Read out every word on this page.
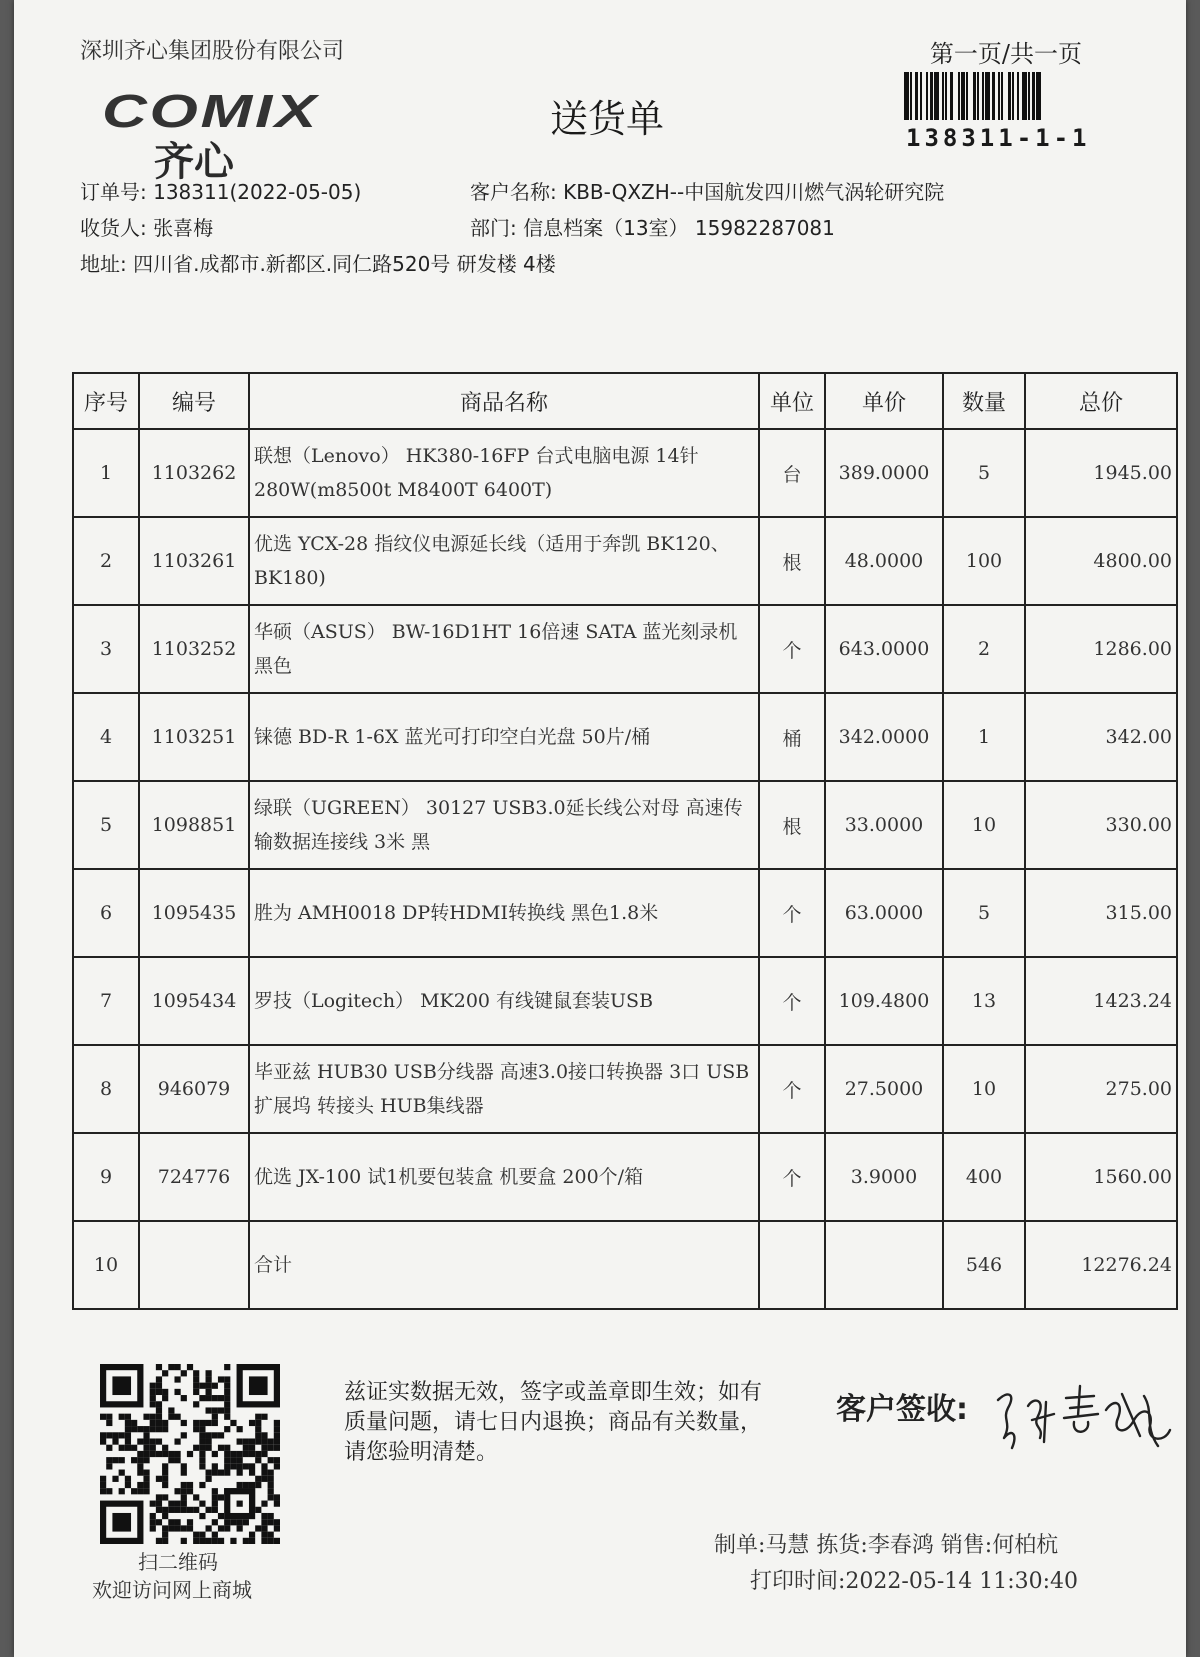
深圳齐心集团股份有限公司	第一页/共一页
COMIX
齐心
送货单	138311-1-1
订单号: 138311(2022-05-05)	客户名称: KBB-QXZH--中国航发四川燃气涡轮研究院
收货人: 张喜梅	部门: 信息档案（13室） 15982287081
地址: 四川省.成都市.新都区.同仁路520号 研发楼 4楼
序号	编号	商品名称	单位	单价	数量	总价
1	1103262	联想（Lenovo） HK380-16FP 台式电脑电源 14针 280W(m8500t M8400T 6400T)	台	389.0000	5	1945.00
2	1103261	优选 YCX-28 指纹仪电源延长线（适用于奔凯 BK120、BK180)	根	48.0000	100	4800.00
3	1103252	华硕（ASUS） BW-16D1HT 16倍速 SATA 蓝光刻录机 黑色	个	643.0000	2	1286.00
4	1103251	铼德 BD-R 1-6X 蓝光可打印空白光盘 50片/桶	桶	342.0000	1	342.00
5	1098851	绿联（UGREEN） 30127 USB3.0延长线公对母 高速传输数据连接线 3米 黑	根	33.0000	10	330.00
6	1095435	胜为 AMH0018 DP转HDMI转换线 黑色1.8米	个	63.0000	5	315.00
7	1095434	罗技（Logitech） MK200 有线键鼠套装USB	个	109.4800	13	1423.24
8	946079	毕亚兹 HUB30 USB分线器 高速3.0接口转换器 3口 USB扩展坞 转接头 HUB集线器	个	27.5000	10	275.00
9	724776	优选 JX-100 试1机要包装盒 机要盒 200个/箱	个	3.9000	400	1560.00
10		合计			546	12276.24
扫二维码
欢迎访问网上商城
兹证实数据无效，签字或盖章即生效；如有质量问题，请七日内退换；商品有关数量，请您验明清楚。
客户签收:
制单:马慧 拣货:李春鸿 销售:何柏杭
打印时间:2022-05-14 11:30:40
